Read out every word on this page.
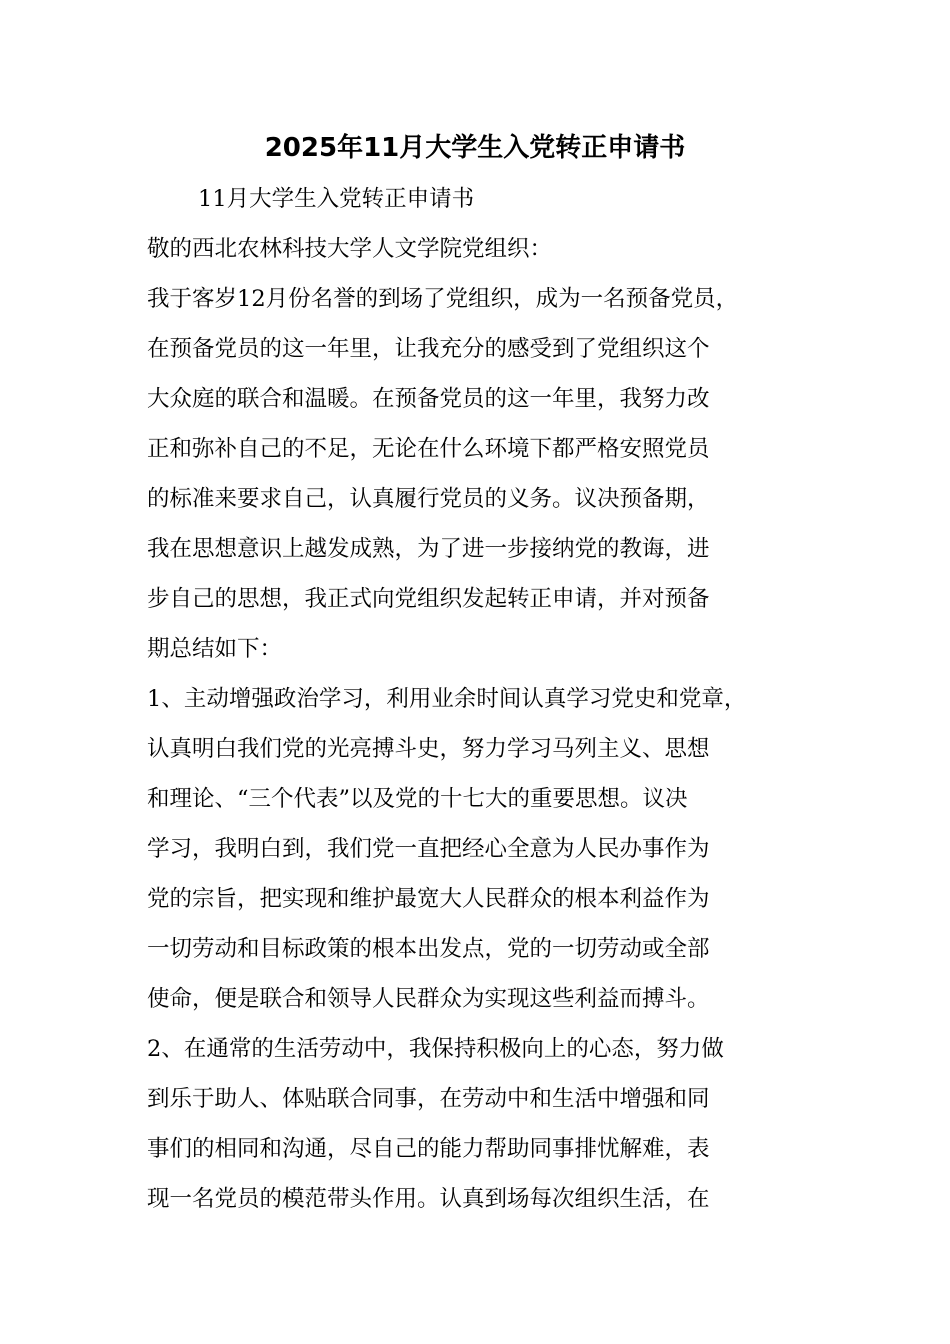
2025年11月大学生入党转正申请书
11月大学生入党转正申请书
敬的西北农林科技大学人文学院党组织：
我于客岁12月份名誉的到场了党组织，成为一名预备党员，
在预备党员的这一年里，让我充分的感受到了党组织这个
大众庭的联合和温暖。在预备党员的这一年里，我努力改
正和弥补自己的不足，无论在什么环境下都严格安照党员
的标准来要求自己，认真履行党员的义务。议决预备期，
我在思想意识上越发成熟，为了进一步接纳党的教诲，进
步自己的思想，我正式向党组织发起转正申请，并对预备
期总结如下：
1、主动增强政治学习，利用业余时间认真学习党史和党章，
认真明白我们党的光亮搏斗史，努力学习马列主义、思想
和理论、“三个代表”以及党的十七大的重要思想。议决
学习，我明白到，我们党一直把经心全意为人民办事作为
党的宗旨，把实现和维护最宽大人民群众的根本利益作为
一切劳动和目标政策的根本出发点，党的一切劳动或全部
使命，便是联合和领导人民群众为实现这些利益而搏斗。
2、在通常的生活劳动中，我保持积极向上的心态，努力做
到乐于助人、体贴联合同事，在劳动中和生活中增强和同
事们的相同和沟通，尽自己的能力帮助同事排忧解难，表
现一名党员的模范带头作用。认真到场每次组织生活，在
